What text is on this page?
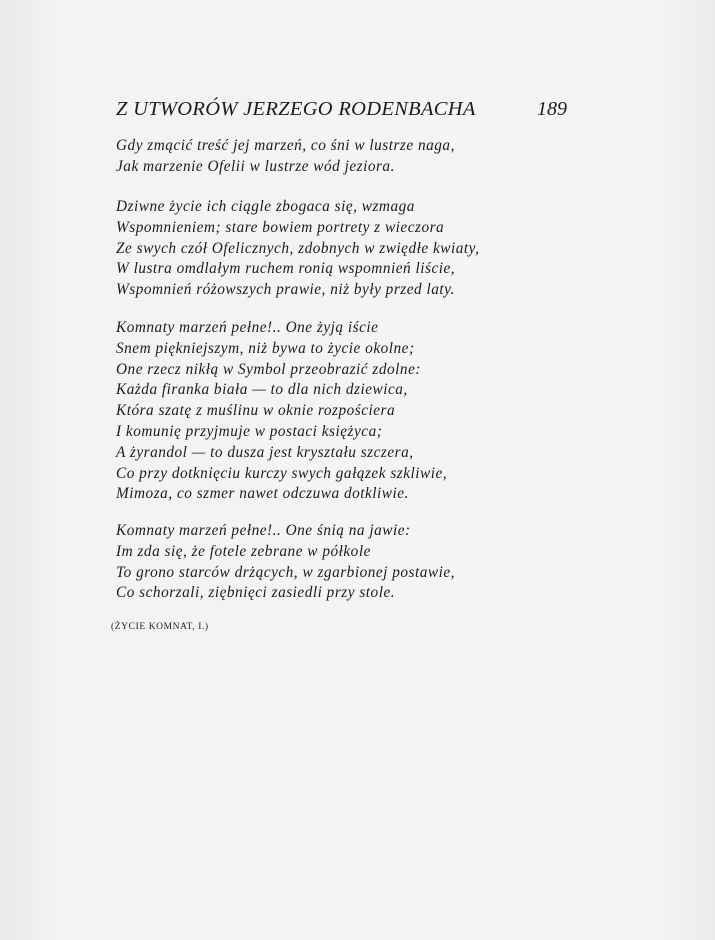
Z UTWORÓW JERZEGO RODENBACHA	189
Gdy zmącić treść jej marzeń, co śni w lustrze naga,
Jak marzenie Ofelii w lustrze wód jeziora.
Dziwne życie ich ciągle zbogaca się, wzmaga
Wspomnieniem; stare bowiem portrety z wieczora
Ze swych czół Ofelicznych, zdobnych w zwiędłe kwiaty,
W lustra omdlałym ruchem ronią wspomnień liście,
Wspomnień różowszych prawie, niż były przed laty.
Komnaty marzeń pełne!.. One żyją iście
Snem piękniejszym, niż bywa to życie okolne;
One rzecz nikłą w Symbol przeobrazić zdolne:
Każda firanka biała — to dla nich dziewica,
Która szatę z muślinu w oknie rozpościera
I komunię przyjmuje w postaci księżyca;
A żyrandol — to dusza jest kryształu szczera,
Co przy dotknięciu kurczy swych gałązek szkliwie,
Mimoza, co szmer nawet odczuwa dotkliwie.
Komnaty marzeń pełne!.. One śnią na jawie:
Im zda się, że fotele zebrane w półkole
To grono starców drżących, w zgarbionej postawie,
Co schorzali, ziębnięci zasiedli przy stole.
(ŻYCIE KOMNAT, I.)
